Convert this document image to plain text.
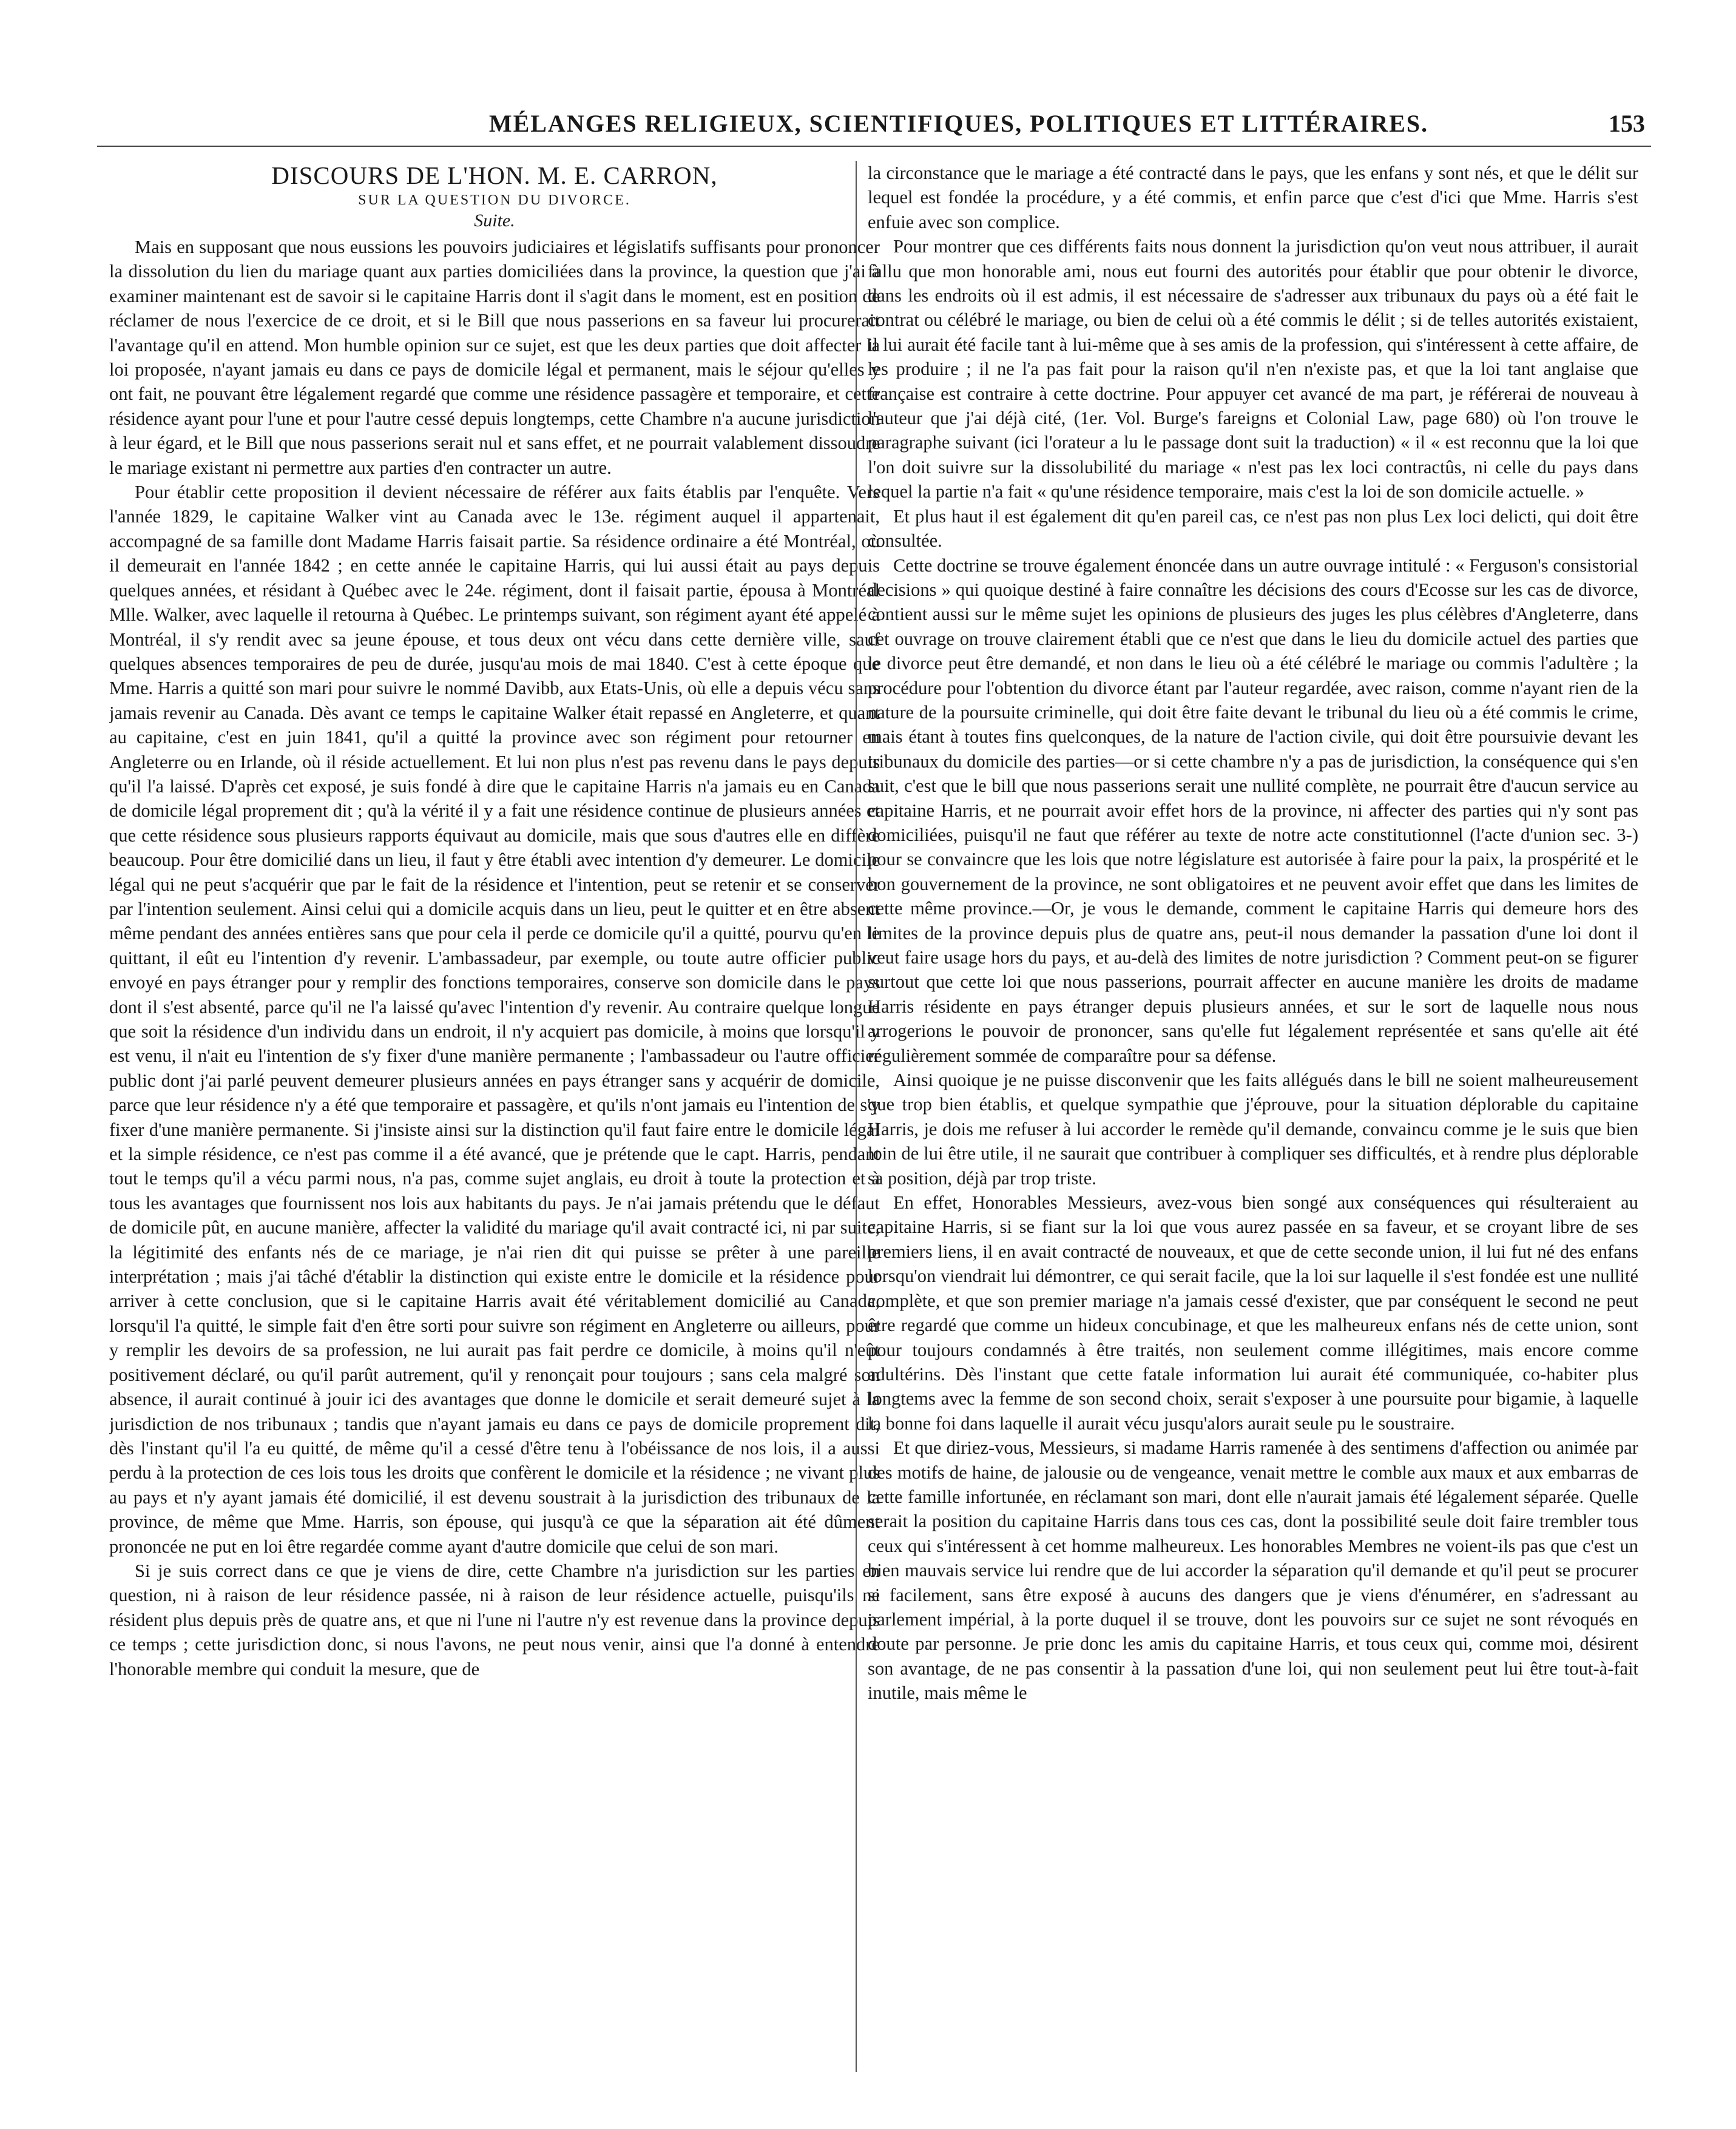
MÉLANGES RELIGIEUX, SCIENTIFIQUES, POLITIQUES ET LITTÉRAIRES.	153
DISCOURS DE L'HON. M. E. CARRON,
SUR LA QUESTION DU DIVORCE.
Suite.

Mais en supposant que nous eussions les pouvoirs judiciaires et législatifs suffisants pour prononcer la dissolution du lien du mariage quant aux parties domiciliées dans la province, la question que j'ai à examiner maintenant est de savoir si le capitaine Harris dont il s'agit dans le moment, est en position de réclamer de nous l'exercice de ce droit, et si le Bill que nous passerions en sa faveur lui procurerait l'avantage qu'il en attend. Mon humble opinion sur ce sujet, est que les deux parties que doit affecter la loi proposée, n'ayant jamais eu dans ce pays de domicile légal et permanent, mais le séjour qu'elles y ont fait, ne pouvant être légalement regardé que comme une résidence passagère et temporaire, et cette résidence ayant pour l'une et pour l'autre cessé depuis longtemps, cette Chambre n'a aucune jurisdiction à leur égard, et le Bill que nous passerions serait nul et sans effet, et ne pourrait valablement dissoudre le mariage existant ni permettre aux parties d'en contracter un autre.

Pour établir cette proposition il devient nécessaire de référer aux faits établis par l'enquête. Vers l'année 1829, le capitaine Walker vint au Canada avec le 13e. régiment auquel il appartenait, accompagné de sa famille dont Madame Harris faisait partie. Sa résidence ordinaire a été Montréal, où il demeurait en l'année 1842 ; en cette année le capitaine Harris, qui lui aussi était au pays depuis quelques années, et résidant à Québec avec le 24e. régiment, dont il faisait partie, épousa à Montréal Mlle. Walker, avec laquelle il retourna à Québec. Le printemps suivant, son régiment ayant été appelé à Montréal, il s'y rendit avec sa jeune épouse, et tous deux ont vécu dans cette dernière ville, sauf quelques absences temporaires de peu de durée, jusqu'au mois de mai 1840. C'est à cette époque que Mme. Harris a quitté son mari pour suivre le nommé Davibb, aux Etats-Unis, où elle a depuis vécu sans jamais revenir au Canada. Dès avant ce temps le capitaine Walker était repassé en Angleterre, et quant au capitaine, c'est en juin 1841, qu'il a quitté la province avec son régiment pour retourner en Angleterre ou en Irlande, où il réside actuellement. Et lui non plus n'est pas revenu dans le pays depuis qu'il l'a laissé. D'après cet exposé, je suis fondé à dire que le capitaine Harris n'a jamais eu en Canada de domicile légal proprement dit ; qu'à la vérité il y a fait une résidence continue de plusieurs années et que cette résidence sous plusieurs rapports équivaut au domicile, mais que sous d'autres elle en diffère beaucoup. Pour être domicilié dans un lieu, il faut y être établi avec intention d'y demeurer. Le domicile légal qui ne peut s'acquérir que par le fait de la résidence et l'intention, peut se retenir et se conserver par l'intention seulement. Ainsi celui qui a domicile acquis dans un lieu, peut le quitter et en être absent même pendant des années entières sans que pour cela il perde ce domicile qu'il a quitté, pourvu qu'en le quittant, il eût eu l'intention d'y revenir. L'ambassadeur, par exemple, ou toute autre officier public envoyé en pays étranger pour y remplir des fonctions temporaires, conserve son domicile dans le pays dont il s'est absenté, parce qu'il ne l'a laissé qu'avec l'intention d'y revenir. Au contraire quelque longue que soit la résidence d'un individu dans un endroit, il n'y acquiert pas domicile, à moins que lorsqu'il y est venu, il n'ait eu l'intention de s'y fixer d'une manière permanente ; l'ambassadeur ou l'autre officier public dont j'ai parlé peuvent demeurer plusieurs années en pays étranger sans y acquérir de domicile, parce que leur résidence n'y a été que temporaire et passagère, et qu'ils n'ont jamais eu l'intention de s'y fixer d'une manière permanente. Si j'insiste ainsi sur la distinction qu'il faut faire entre le domicile légal et la simple résidence, ce n'est pas comme il a été avancé, que je prétende que le capt. Harris, pendant tout le temps qu'il a vécu parmi nous, n'a pas, comme sujet anglais, eu droit à toute la protection et à tous les avantages que fournissent nos lois aux habitants du pays. Je n'ai jamais prétendu que le défaut de domicile pût, en aucune manière, affecter la validité du mariage qu'il avait contracté ici, ni par suite, la légitimité des enfants nés de ce mariage, je n'ai rien dit qui puisse se prêter à une pareille interprétation ; mais j'ai tâché d'établir la distinction qui existe entre le domicile et la résidence pour arriver à cette conclusion, que si le capitaine Harris avait été véritablement domicilié au Canada, lorsqu'il l'a quitté, le simple fait d'en être sorti pour suivre son régiment en Angleterre ou ailleurs, pour y remplir les devoirs de sa profession, ne lui aurait pas fait perdre ce domicile, à moins qu'il n'eût positivement déclaré, ou qu'il parût autrement, qu'il y renonçait pour toujours ; sans cela malgré son absence, il aurait continué à jouir ici des avantages que donne le domicile et serait demeuré sujet à la jurisdiction de nos tribunaux ; tandis que n'ayant jamais eu dans ce pays de domicile proprement dit, dès l'instant qu'il l'a eu quitté, de même qu'il a cessé d'être tenu à l'obéissance de nos lois, il a aussi perdu à la protection de ces lois tous les droits que confèrent le domicile et la résidence ; ne vivant plus au pays et n'y ayant jamais été domicilié, il est devenu soustrait à la jurisdiction des tribunaux de la province, de même que Mme. Harris, son épouse, qui jusqu'à ce que la séparation ait été dûment prononcée ne put en loi être regardée comme ayant d'autre domicile que celui de son mari.

Si je suis correct dans ce que je viens de dire, cette Chambre n'a jurisdiction sur les parties en question, ni à raison de leur résidence passée, ni à raison de leur résidence actuelle, puisqu'ils ne résident plus depuis près de quatre ans, et que ni l'une ni l'autre n'y est revenue dans la province depuis ce temps ; cette jurisdiction donc, si nous l'avons, ne peut nous venir, ainsi que l'a donné à entendre l'honorable membre qui conduit la mesure, que de

la circonstance que le mariage a été contracté dans le pays, que les enfans y sont nés, et que le délit sur lequel est fondée la procédure, y a été commis, et enfin parce que c'est d'ici que Mme. Harris s'est enfuie avec son complice.

Pour montrer que ces différents faits nous donnent la jurisdiction qu'on veut nous attribuer, il aurait fallu que mon honorable ami, nous eut fourni des autorités pour établir que pour obtenir le divorce, dans les endroits où il est admis, il est nécessaire de s'adresser aux tribunaux du pays où a été fait le contrat ou célébré le mariage, ou bien de celui où a été commis le délit ; si de telles autorités existaient, il lui aurait été facile tant à lui-même que à ses amis de la profession, qui s'intéressent à cette affaire, de les produire ; il ne l'a pas fait pour la raison qu'il n'en n'existe pas, et que la loi tant anglaise que française est contraire à cette doctrine. Pour appuyer cet avancé de ma part, je référerai de nouveau à l'auteur que j'ai déjà cité, (1er. Vol. Burge's fareigns et Colonial Law, page 680) où l'on trouve le paragraphe suivant (ici l'orateur a lu le passage dont suit la traduction) « il « est reconnu que la loi que l'on doit suivre sur la dissolubilité du mariage « n'est pas lex loci contractûs, ni celle du pays dans lequel la partie n'a fait « qu'une résidence temporaire, mais c'est la loi de son domicile actuelle. »

Et plus haut il est également dit qu'en pareil cas, ce n'est pas non plus Lex loci delicti, qui doit être consultée.

Cette doctrine se trouve également énoncée dans un autre ouvrage intitulé : « Ferguson's consistorial decisions » qui quoique destiné à faire connaître les décisions des cours d'Ecosse sur les cas de divorce, contient aussi sur le même sujet les opinions de plusieurs des juges les plus célèbres d'Angleterre, dans cet ouvrage on trouve clairement établi que ce n'est que dans le lieu du domicile actuel des parties que le divorce peut être demandé, et non dans le lieu où a été célébré le mariage ou commis l'adultère ; la procédure pour l'obtention du divorce étant par l'auteur regardée, avec raison, comme n'ayant rien de la nature de la poursuite criminelle, qui doit être faite devant le tribunal du lieu où a été commis le crime, mais étant à toutes fins quelconques, de la nature de l'action civile, qui doit être poursuivie devant les tribunaux du domicile des parties—or si cette chambre n'y a pas de jurisdiction, la conséquence qui s'en suit, c'est que le bill que nous passerions serait une nullité complète, ne pourrait être d'aucun service au capitaine Harris, et ne pourrait avoir effet hors de la province, ni affecter des parties qui n'y sont pas domiciliées, puisqu'il ne faut que référer au texte de notre acte constitutionnel (l'acte d'union sec. 3-) pour se convaincre que les lois que notre législature est autorisée à faire pour la paix, la prospérité et le bon gouvernement de la province, ne sont obligatoires et ne peuvent avoir effet que dans les limites de cette même province.—Or, je vous le demande, comment le capitaine Harris qui demeure hors des limites de la province depuis plus de quatre ans, peut-il nous demander la passation d'une loi dont il veut faire usage hors du pays, et au-delà des limites de notre jurisdiction ? Comment peut-on se figurer surtout que cette loi que nous passerions, pourrait affecter en aucune manière les droits de madame Harris résidente en pays étranger depuis plusieurs années, et sur le sort de laquelle nous nous arrogerions le pouvoir de prononcer, sans qu'elle fut légalement représentée et sans qu'elle ait été régulièrement sommée de comparaître pour sa défense.

Ainsi quoique je ne puisse disconvenir que les faits allégués dans le bill ne soient malheureusement que trop bien établis, et quelque sympathie que j'éprouve, pour la situation déplorable du capitaine Harris, je dois me refuser à lui accorder le remède qu'il demande, convaincu comme je le suis que bien loin de lui être utile, il ne saurait que contribuer à compliquer ses difficultés, et à rendre plus déplorable sa position, déjà par trop triste.

En effet, Honorables Messieurs, avez-vous bien songé aux conséquences qui résulteraient au capitaine Harris, si se fiant sur la loi que vous aurez passée en sa faveur, et se croyant libre de ses premiers liens, il en avait contracté de nouveaux, et que de cette seconde union, il lui fut né des enfans lorsqu'on viendrait lui démontrer, ce qui serait facile, que la loi sur laquelle il s'est fondée est une nullité complète, et que son premier mariage n'a jamais cessé d'exister, que par conséquent le second ne peut être regardé que comme un hideux concubinage, et que les malheureux enfans nés de cette union, sont pour toujours condamnés à être traités, non seulement comme illégitimes, mais encore comme adultérins. Dès l'instant que cette fatale information lui aurait été communiquée, co-habiter plus longtems avec la femme de son second choix, serait s'exposer à une poursuite pour bigamie, à laquelle la bonne foi dans laquelle il aurait vécu jusqu'alors aurait seule pu le soustraire.

Et que diriez-vous, Messieurs, si madame Harris ramenée à des sentimens d'affection ou animée par des motifs de haine, de jalousie ou de vengeance, venait mettre le comble aux maux et aux embarras de cette famille infortunée, en réclamant son mari, dont elle n'aurait jamais été légalement séparée. Quelle serait la position du capitaine Harris dans tous ces cas, dont la possibilité seule doit faire trembler tous ceux qui s'intéressent à cet homme malheureux. Les honorables Membres ne voient-ils pas que c'est un bien mauvais service lui rendre que de lui accorder la séparation qu'il demande et qu'il peut se procurer si facilement, sans être exposé à aucuns des dangers que je viens d'énumérer, en s'adressant au parlement impérial, à la porte duquel il se trouve, dont les pouvoirs sur ce sujet ne sont révoqués en doute par personne. Je prie donc les amis du capitaine Harris, et tous ceux qui, comme moi, désirent son avantage, de ne pas consentir à la passation d'une loi, qui non seulement peut lui être tout-à-fait inutile, mais même le
